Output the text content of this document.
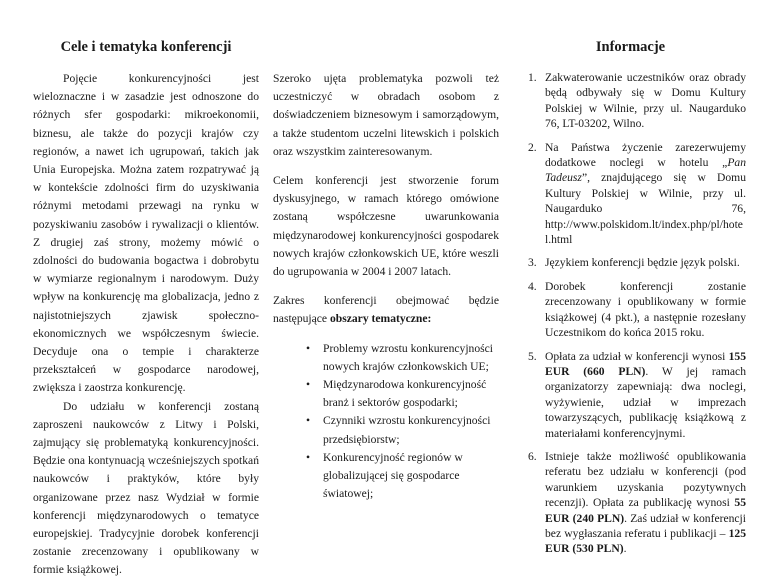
Cele i tematyka konferencji

Pojęcie konkurencyjności jest wieloznaczne i w zasadzie jest odnoszone do różnych sfer gospodarki: mikroekonomii, biznesu, ale także do pozycji krajów czy regionów, a nawet ich ugrupowań, takich jak Unia Europejska. Można zatem rozpatrywać ją w kontekście zdolności firm do uzyskiwania różnymi metodami przewagi na rynku w pozyskiwaniu zasobów i rywalizacji o klientów. Z drugiej zaś strony, możemy mówić o zdolności do budowania bogactwa i dobrobytu w wymiarze regionalnym i narodowym. Duży wpływ na konkurencję ma globalizacja, jedno z najistotniejszych zjawisk społeczno-ekonomicznych we współczesnym świecie. Decyduje ona o tempie i charakterze przekształceń w gospodarce narodowej, zwiększa i zaostrza konkurencję.

Do udziału w konferencji zostaną zaproszeni naukowców z Litwy i Polski, zajmujący się problematyką konkurencyjności. Będzie ona kontynuacją wcześniejszych spotkań naukowców i praktyków, które były organizowane przez nasz Wydział w formie konferencji międzynarodowych o tematyce europejskiej. Tradycyjnie dorobek konferencji zostanie zrecenzowany i opublikowany w formie książkowej.

Szeroko ujęta problematyka pozwoli też uczestniczyć w obradach osobom z doświadczeniem biznesowym i samorządowym, a także studentom uczelni litewskich i polskich oraz wszystkim zainteresowanym.

Celem konferencji jest stworzenie forum dyskusyjnego, w ramach którego omówione zostaną współczesne uwarunkowania międzynarodowej konkurencyjności gospodarek nowych krajów członkowskich UE, które weszli do ugrupowania w 2004 i 2007 latach.

Zakres konferencji obejmować będzie następujące obszary tematyczne:

•	Problemy wzrostu konkurencyjności nowych krajów członkowskich UE;
•	Międzynarodowa konkurencyjność branż i sektorów gospodarki;
•	Czynniki wzrostu konkurencyjności przedsiębiorstw;
•	Konkurencyjność regionów w globalizującej się gospodarce światowej;
Informacje
1. Zakwaterowanie uczestników oraz obrady będą odbywały się w Domu Kultury Polskiej w Wilnie, przy ul. Naugarduko 76, LT-03202, Wilno.
2. Na Państwa życzenie zarezerwujemy dodatkowe noclegi w hotelu „Pan Tadeusz”, znajdującego się w Domu Kultury Polskiej w Wilnie, przy ul. Naugarduko 76, http://www.polskidom.lt/index.php/pl/hotel.html
3. Językiem konferencji będzie język polski.
4. Dorobek konferencji zostanie zrecenzowany i opublikowany w formie książkowej (4 pkt.), a następnie rozesłany Uczestnikom do końca 2015 roku.
5. Opłata za udział w konferencji wynosi 155 EUR (660 PLN). W jej ramach organizatorzy zapewniają: dwa noclegi, wyżywienie, udział w imprezach towarzyszących, publikację książkową z materiałami konferencyjnymi.
6. Istnieje także możliwość opublikowania referatu bez udziału w konferencji (pod warunkiem uzyskania pozytywnych recenzji). Opłata za publikację wynosi 55 EUR (240 PLN). Zaś udział w konferencji bez wygłaszania referatu i publikacji – 125 EUR (530 PLN).
